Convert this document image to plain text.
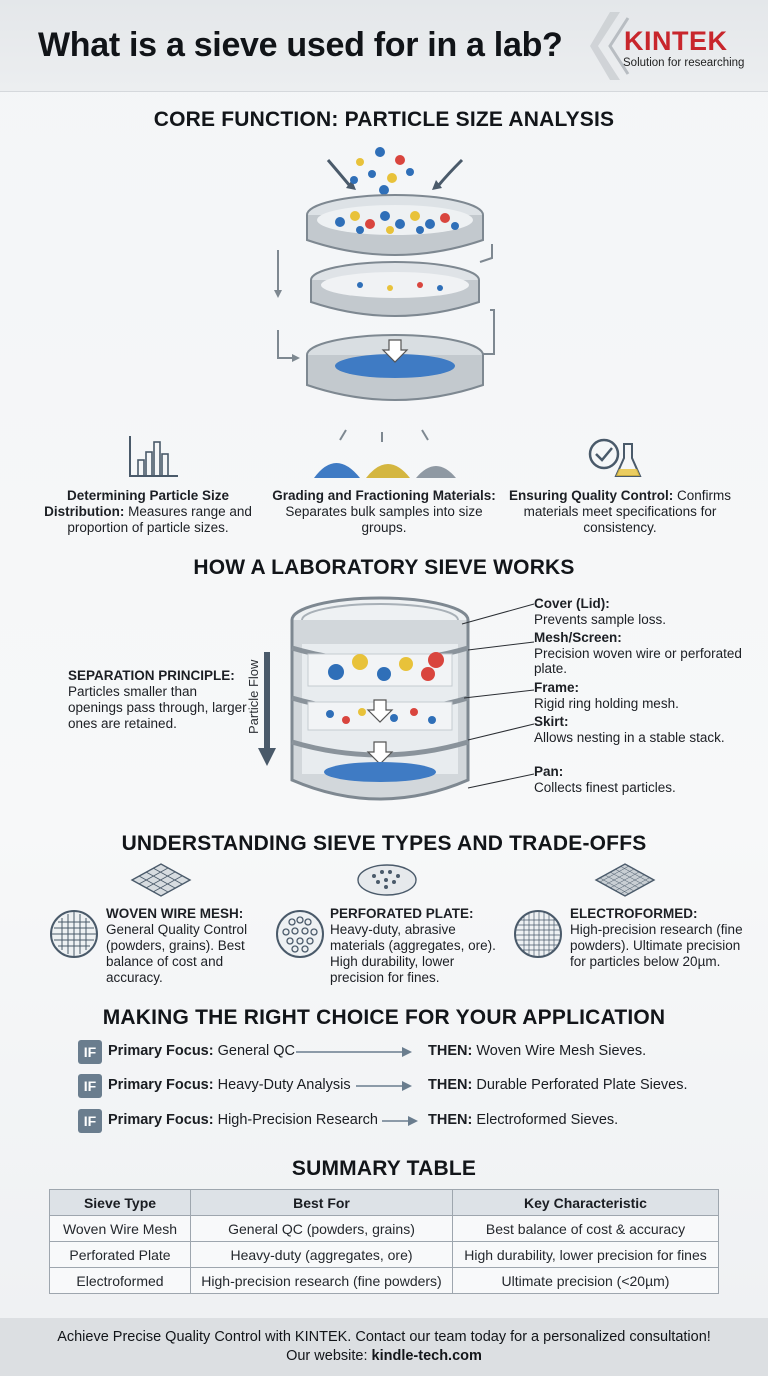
What is a sieve used for in a lab? KINTEK
Solution for researching
CORE FUNCTION: PARTICLE SIZE ANALYSIS
Determining Particle Size Distribution: Measures range and proportion of particle sizes.
Grading and Fractioning Materials: Separates bulk samples into size groups.
Ensuring Quality Control: Confirms materials meet specifications for consistency.
HOW A LABORATORY SIEVE WORKS
SEPARATION PRINCIPLE:
Particles smaller than openings pass through, larger ones are retained.	Particle Flow
Cover (Lid):
Prevents sample loss.
Mesh/Screen:
Precision woven wire or perforated plate.
Frame:
Rigid ring holding mesh.
Skirt:
Allows nesting in a stable stack.
Pan:
Collects finest particles.
UNDERSTANDING SIEVE TYPES AND TRADE-OFFS
WOVEN WIRE MESH:
General Quality Control (powders, grains). Best balance of cost and accuracy.
PERFORATED PLATE:
Heavy-duty, abrasive materials (aggregates, ore). High durability, lower precision for fines.
ELECTROFORMED:
High-precision research (fine powders). Ultimate precision for particles below 20µm.
MAKING THE RIGHT CHOICE FOR YOUR APPLICATION
IF Primary Focus: General QC	THEN: Woven Wire Mesh Sieves.
IF Primary Focus: Heavy-Duty Analysis	THEN: Durable Perforated Plate Sieves.
IF Primary Focus: High-Precision Research	THEN: Electroformed Sieves.
SUMMARY TABLE
Sieve Type	Best For	Key Characteristic
Woven Wire Mesh	General QC (powders, grains)	Best balance of cost & accuracy
Perforated Plate	Heavy-duty (aggregates, ore)	High durability, lower precision for fines
Electroformed	High-precision research (fine powders)	Ultimate precision (<20µm)
Achieve Precise Quality Control with KINTEK. Contact our team today for a personalized consultation!
Our website: kindle-tech.com
